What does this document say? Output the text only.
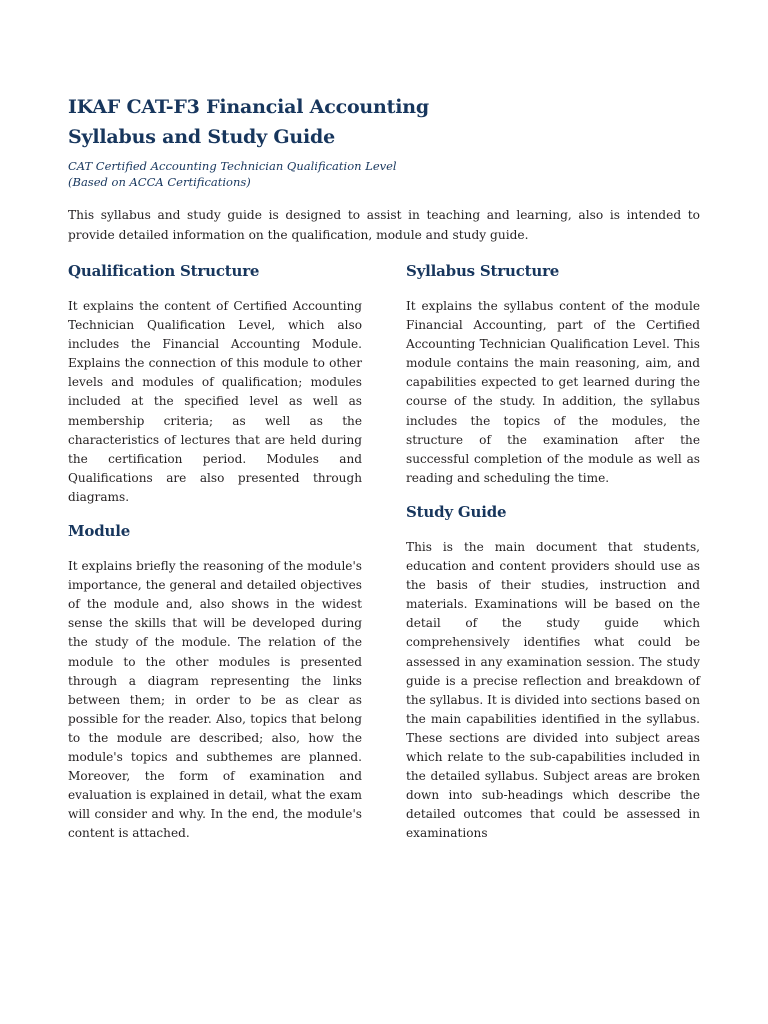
IKAF CAT-F3 Financial Accounting
Syllabus and Study Guide

CAT Certified Accounting Technician Qualification Level
(Based on ACCA Certifications)

This syllabus and study guide is designed to assist in teaching and learning, also is intended to provide detailed information on the qualification, module and study guide.

Qualification Structure

It explains the content of Certified Accounting Technician Qualification Level, which also includes the Financial Accounting Module. Explains the connection of this module to other levels and modules of qualification; modules included at the specified level as well as membership criteria; as well as the characteristics of lectures that are held during the certification period. Modules and Qualifications are also presented through diagrams.

Module

It explains briefly the reasoning of the module's importance, the general and detailed objectives of the module and, also shows in the widest sense the skills that will be developed during the study of the module. The relation of the module to the other modules is presented through a diagram representing the links between them; in order to be as clear as possible for the reader. Also, topics that belong to the module are described; also, how the module's topics and subthemes are planned. Moreover, the form of examination and evaluation is explained in detail, what the exam will consider and why. In the end, the module's content is attached.

Syllabus Structure

It explains the syllabus content of the module Financial Accounting, part of the Certified Accounting Technician Qualification Level. This module contains the main reasoning, aim, and capabilities expected to get learned during the course of the study. In addition, the syllabus includes the topics of the modules, the structure of the examination after the successful completion of the module as well as reading and scheduling the time.

Study Guide

This is the main document that students, education and content providers should use as the basis of their studies, instruction and materials. Examinations will be based on the detail of the study guide which comprehensively identifies what could be assessed in any examination session. The study guide is a precise reflection and breakdown of the syllabus. It is divided into sections based on the main capabilities identified in the syllabus. These sections are divided into subject areas which relate to the sub-capabilities included in the detailed syllabus. Subject areas are broken down into sub-headings which describe the detailed outcomes that could be assessed in examinations
